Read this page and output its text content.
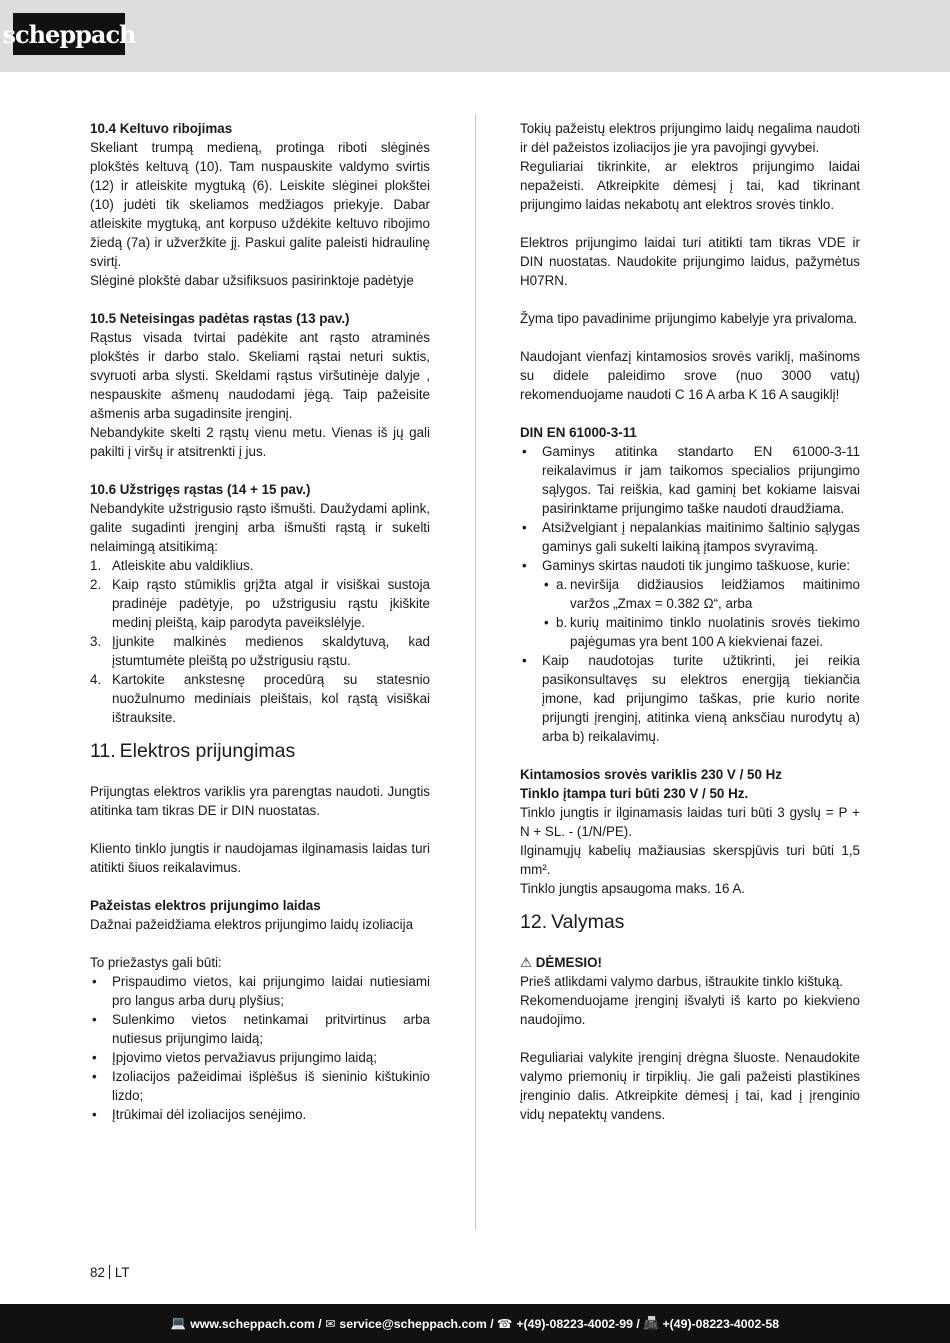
scheppach

10.4 Keltuvo ribojimas

Skeliant trumpą medieną, protinga riboti slėginės plokštės keltuvą (10). Tam nuspauskite valdymo svirtis (12) ir atleiskite mygtuką (6). Leiskite slėginei plokštei (10) judėti tik skeliamos medžiagos priekyje. Dabar atleiskite mygtuką, ant korpuso uždėkite keltuvo ribojimo žiedą (7a) ir užveržkite jį. Paskui galite paleisti hidraulinę svirtį.

Slėginė plokštė dabar užsifiksuos pasirinktoje padėtyje

10.5 Neteisingas padėtas rąstas (13 pav.)

Rąstus visada tvirtai padėkite ant rąsto atraminės plokštės ir darbo stalo. Skeliami rąstai neturi suktis, svyruoti arba slysti. Skeldami rąstus viršutinėje dalyje , nespauskite ašmenų naudodami jėgą. Taip pažeisite ašmenis arba sugadinsite įrenginį.

Nebandykite skelti 2 rąstų vienu metu. Vienas iš jų gali pakilti į viršų ir atsitrenkti į jus.

10.6 Užstrigęs rąstas (14 + 15 pav.)

Nebandykite užstrigusio rąsto išmušti. Daužydami aplink, galite sugadinti įrenginį arba išmušti rąstą ir sukelti nelaimingą atsitikimą:

1. Atleiskite abu valdiklius.
2. Kaip rąsto stūmiklis grįžta atgal ir visiškai sustoja pradinėje padėtyje, po užstrigusiu rąstu įkiškite medinį pleištą, kaip parodyta paveikslėlyje.
3. Įjunkite malkinės medienos skaldytuvą, kad įstumtumėte pleištą po užstrigusiu rąstu.
4. Kartokite ankstesnę procedūrą su statesnio nuožulnumo mediniais pleištais, kol rąstą visiškai ištrauksite.
11. Elektros prijungimas

Prijungtas elektros variklis yra parengtas naudoti. Jungtis atitinka tam tikras DE ir DIN nuostatas.

Kliento tinklo jungtis ir naudojamas ilginamasis laidas turi atitikti šiuos reikalavimus.

Pažeistas elektros prijungimo laidas

Dažnai pažeidžiama elektros prijungimo laidų izoliacija

To priežastys gali būti:

• Prispaudimo vietos, kai prijungimo laidai nutiesiami pro langus arba durų plyšius;
• Sulenkimo vietos netinkamai pritvirtinus arba nutiesus prijungimo laidą;
• Įpjovimo vietos pervažiavus prijungimo laidą;
• Izoliacijos pažeidimai išplėšus iš sieninio kištukinio lizdo;
• Įtrūkimai dėl izoliacijos senėjimo.

Tokių pažeistų elektros prijungimo laidų negalima naudoti ir dėl pažeistos izoliacijos jie yra pavojingi gyvybei.

Reguliariai tikrinkite, ar elektros prijungimo laidai nepažeisti. Atkreipkite dėmesį į tai, kad tikrinant prijungimo laidas nekabotų ant elektros srovės tinklo.

Elektros prijungimo laidai turi atitikti tam tikras VDE ir DIN nuostatas. Naudokite prijungimo laidus, pažymėtus H07RN.

Žyma tipo pavadinime prijungimo kabelyje yra privaloma.

Naudojant vienfazį kintamosios srovės variklį, mašinoms su didele paleidimo srove (nuo 3000 vatų) rekomenduojame naudoti C 16 A arba K 16 A saugiklį!

DIN EN 61000-3-11

• Gaminys atitinka standarto EN 61000-3-11 reikalavimus ir jam taikomos specialios prijungimo sąlygos. Tai reiškia, kad gaminį bet kokiame laisvai pasirinktame prijungimo taške naudoti draudžiama.
• Atsižvelgiant į nepalankias maitinimo šaltinio sąlygas gaminys gali sukelti laikiną įtampos svyravimą.
• Gaminys skirtas naudoti tik jungimo taškuose, kurie:
• a. neviršija didžiausios leidžiamos maitinimo varžos „Zmax = 0.382 Ω“, arba
• b. kurių maitinimo tinklo nuolatinis srovės tiekimo pajėgumas yra bent 100 A kiekvienai fazei.
• Kaip naudotojas turite užtikrinti, jei reikia pasikonsultavęs su elektros energiją tiekiančia įmone, kad prijungimo taškas, prie kurio norite prijungti įrenginį, atitinka vieną anksčiau nurodytų a) arba b) reikalavimų.

Kintamosios srovės variklis 230 V / 50 Hz

Tinklo įtampa turi būti 230 V / 50 Hz.

Tinklo jungtis ir ilginamasis laidas turi būti 3 gyslų = P + N + SL. - (1/N/PE).

Ilginamųjų kabelių mažiausias skerspjūvis turi būti 1,5 mm².

Tinklo jungtis apsaugoma maks. 16 A.

12. Valymas

⚠ DĖMESIO!

Prieš atlikdami valymo darbus, ištraukite tinklo kištuką.

Rekomenduojame įrenginį išvalyti iš karto po kiekvieno naudojimo.

Reguliariai valykite įrenginį drėgna šluoste. Nenaudokite valymo priemonių ir tirpiklių. Jie gali pažeisti plastikines įrenginio dalis. Atkreipkite dėmesį į tai, kad į įrenginio vidų nepatektų vandens.

82 LT
💻 www.scheppach.com
/
✉ service@scheppach.com
/
☎ +(49)-08223-4002-99
/
📠 +(49)-08223-4002-58
